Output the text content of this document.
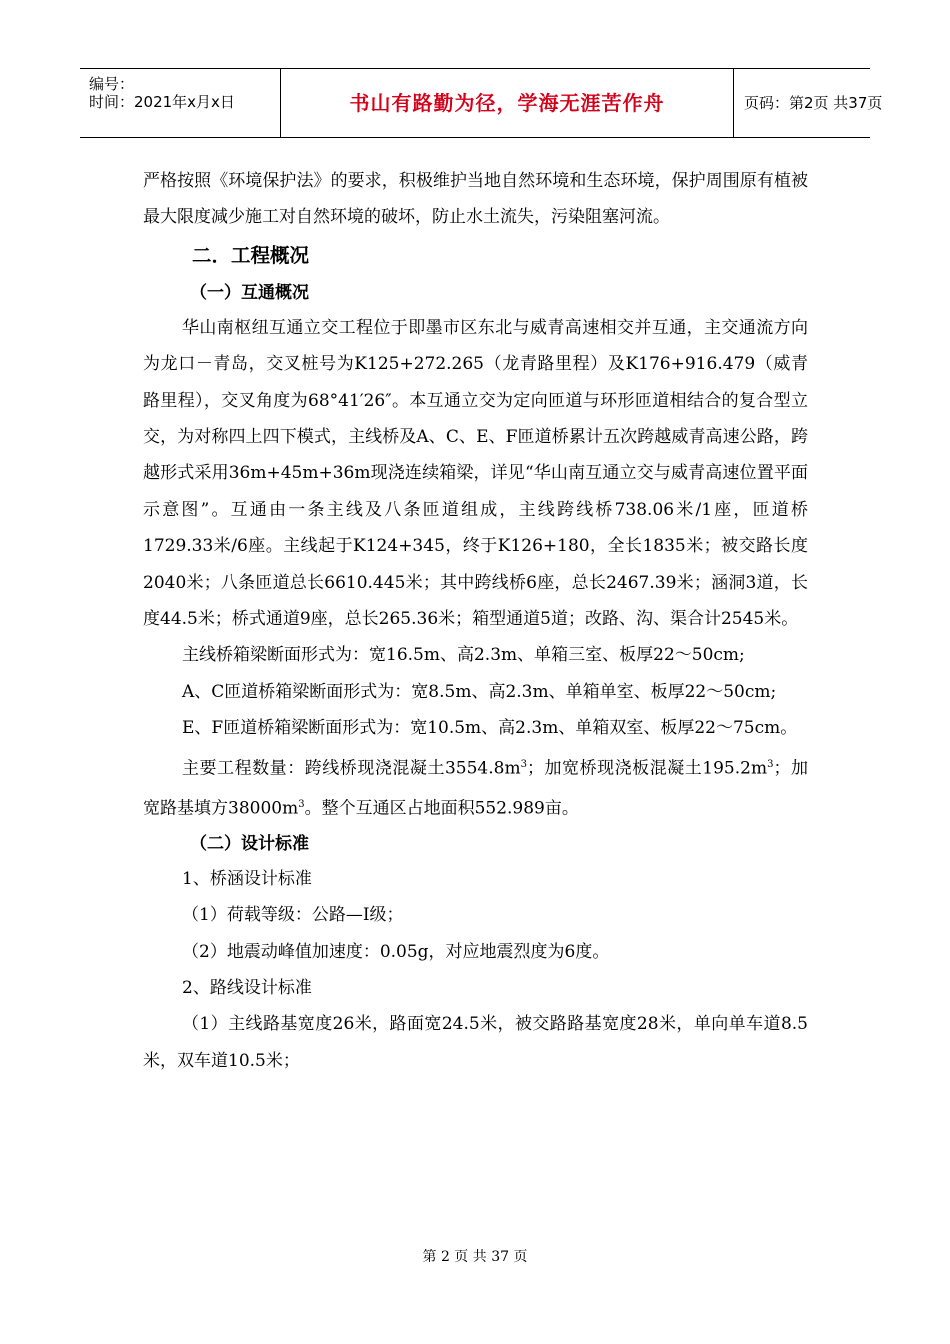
编号：
时间：2021年x月x日	书山有路勤为径，学海无涯苦作舟	页码：第2页 共37页

严格按照《环境保护法》的要求，积极维护当地自然环境和生态环境，保护周围原有植被最大限度减少施工对自然环境的破坏，防止水土流失，污染阻塞河流。

二．工程概况

（一）互通概况

华山南枢纽互通立交工程位于即墨市区东北与威青高速相交并互通，主交通流方向为龙口－青岛，交叉桩号为K125+272.265（龙青路里程）及K176+916.479（威青路里程），交叉角度为68°41′26″。本互通立交为定向匝道与环形匝道相结合的复合型立交，为对称四上四下模式，主线桥及A、C、E、F匝道桥累计五次跨越威青高速公路，跨越形式采用36m+45m+36m现浇连续箱梁，详见“华山南互通立交与威青高速位置平面示意图”。互通由一条主线及八条匝道组成，主线跨线桥738.06米/1座，匝道桥1729.33米/6座。主线起于K124+345，终于K126+180，全长1835米；被交路长度2040米；八条匝道总长6610.445米；其中跨线桥6座，总长2467.39米；涵洞3道，长度44.5米；桥式通道9座，总长265.36米；箱型通道5道；改路、沟、渠合计2545米。

主线桥箱梁断面形式为：宽16.5m、高2.3m、单箱三室、板厚22～50cm;

A、C匝道桥箱梁断面形式为：宽8.5m、高2.3m、单箱单室、板厚22～50cm;

E、F匝道桥箱梁断面形式为：宽10.5m、高2.3m、单箱双室、板厚22～75cm。

主要工程数量：跨线桥现浇混凝土$3554.8m^3$；加宽桥现浇板混凝土$195.2m^3$；加宽路基填方$38000m^3$。整个互通区占地面积552.989亩。

（二）设计标准

1、桥涵设计标准

（1）荷载等级：公路—I级；

（2）地震动峰值加速度：0.05g，对应地震烈度为6度。

2、路线设计标准

（1）主线路基宽度26米，路面宽24.5米，被交路路基宽度28米，单向单车道8.5米，双车道10.5米；

第 2 页 共 37 页
